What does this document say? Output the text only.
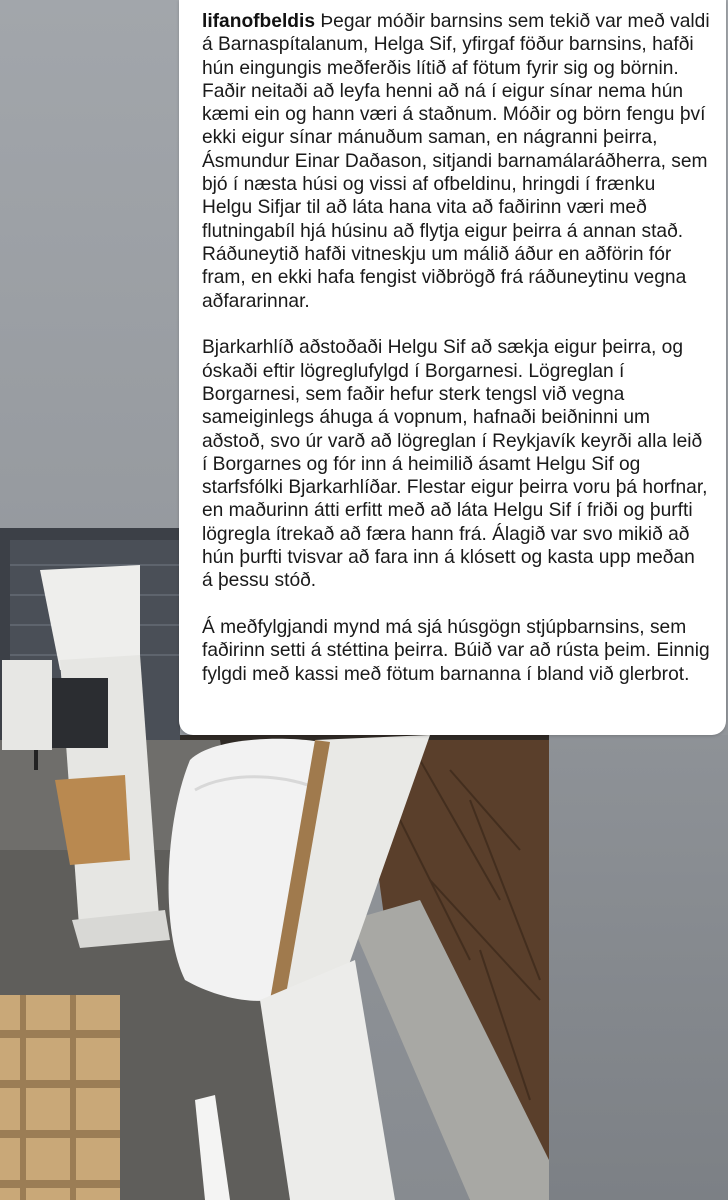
lifanofbeldis Þegar móðir barnsins sem tekið var með valdi á Barnaspítalanum, Helga Sif, yfirgaf föður barnsins, hafði hún eingungis meðferðis lítið af fötum fyrir sig og börnin. Faðir neitaði að leyfa henni að ná í eigur sínar nema hún kæmi ein og hann væri á staðnum. Móðir og börn fengu því ekki eigur sínar mánuðum saman, en nágranni þeirra, Ásmundur Einar Daðason, sitjandi barnamálaráðherra, sem bjó í næsta húsi og vissi af ofbeldinu, hringdi í frænku Helgu Sifjar til að láta hana vita að faðirinn væri með flutningabíl hjá húsinu að flytja eigur þeirra á annan stað. Ráðuneytið hafði vitneskju um málið áður en aðförin fór fram, en ekki hafa fengist viðbrögð frá ráðuneytinu vegna aðfararinnar.

Bjarkarhlíð aðstoðaði Helgu Sif að sækja eigur þeirra, og óskaði eftir lögreglufylgd í Borgarnesi. Lögreglan í Borgarnesi, sem faðir hefur sterk tengsl við vegna sameiginlegs áhuga á vopnum, hafnaði beiðninni um aðstoð, svo úr varð að lögreglan í Reykjavík keyrði alla leið í Borgarnes og fór inn á heimilið ásamt Helgu Sif og starfsfólki Bjarkarhlíðar. Flestar eigur þeirra voru þá horfnar, en maðurinn átti erfitt með að láta Helgu Sif í friði og þurfti lögregla ítrekað að færa hann frá. Álagið var svo mikið að hún þurfti tvisvar að fara inn á klósett og kasta upp meðan á þessu stóð.

Á meðfylgjandi mynd má sjá húsgögn stjúpbarnsins, sem faðirinn setti á stéttina þeirra. Búið var að rústa þeim. Einnig fylgdi með kassi með fötum barnanna í bland við glerbrot.
